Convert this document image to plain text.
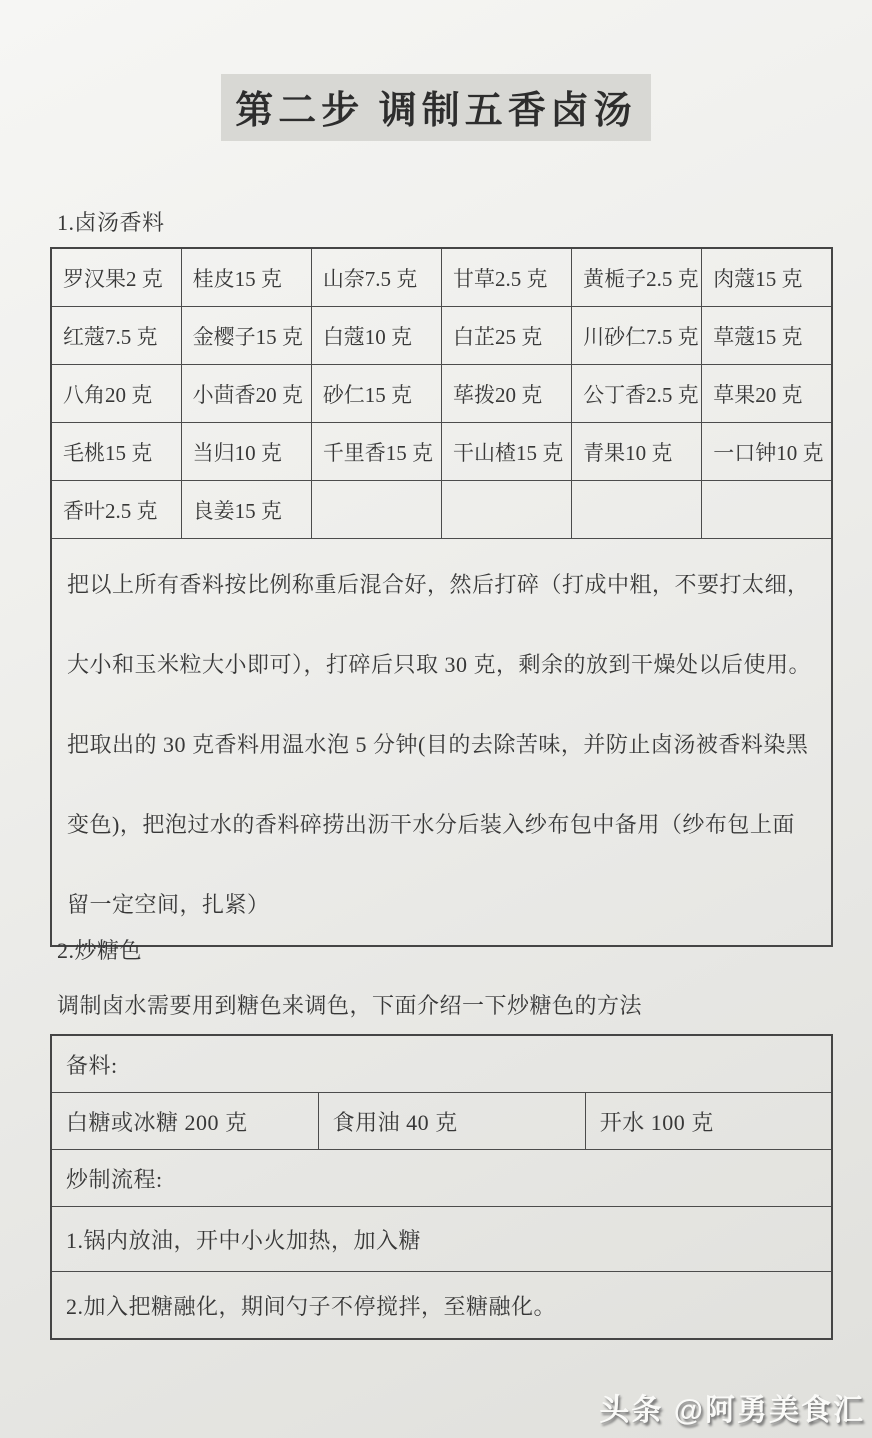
第二步 调制五香卤汤
1.卤汤香料
罗汉果2 克	桂皮15 克	山奈7.5 克	甘草2.5 克	黄栀子2.5 克	肉蔻15 克
红蔻7.5 克	金樱子15 克	白蔻10 克	白芷25 克	川砂仁7.5 克	草蔻15 克
八角20 克	小茴香20 克	砂仁15 克	荜拨20 克	公丁香2.5 克	草果20 克
毛桃15 克	当归10 克	千里香15 克	干山楂15 克	青果10 克	一口钟10 克
香叶2.5 克	良姜15 克				
把以上所有香料按比例称重后混合好，然后打碎（打成中粗，不要打太细，大小和玉米粒大小即可），打碎后只取 30 克，剩余的放到干燥处以后使用。把取出的 30 克香料用温水泡 5 分钟(目的去除苦味，并防止卤汤被香料染黑变色)，把泡过水的香料碎捞出沥干水分后装入纱布包中备用（纱布包上面留一定空间，扎紧）					
2.炒糖色
调制卤水需要用到糖色来调色，下面介绍一下炒糖色的方法
备料:
白糖或冰糖 200 克	食用油 40 克	开水 100 克
炒制流程:
1.锅内放油，开中小火加热，加入糖
2.加入把糖融化，期间勺子不停搅拌，至糖融化。
头条 @阿勇美食汇
